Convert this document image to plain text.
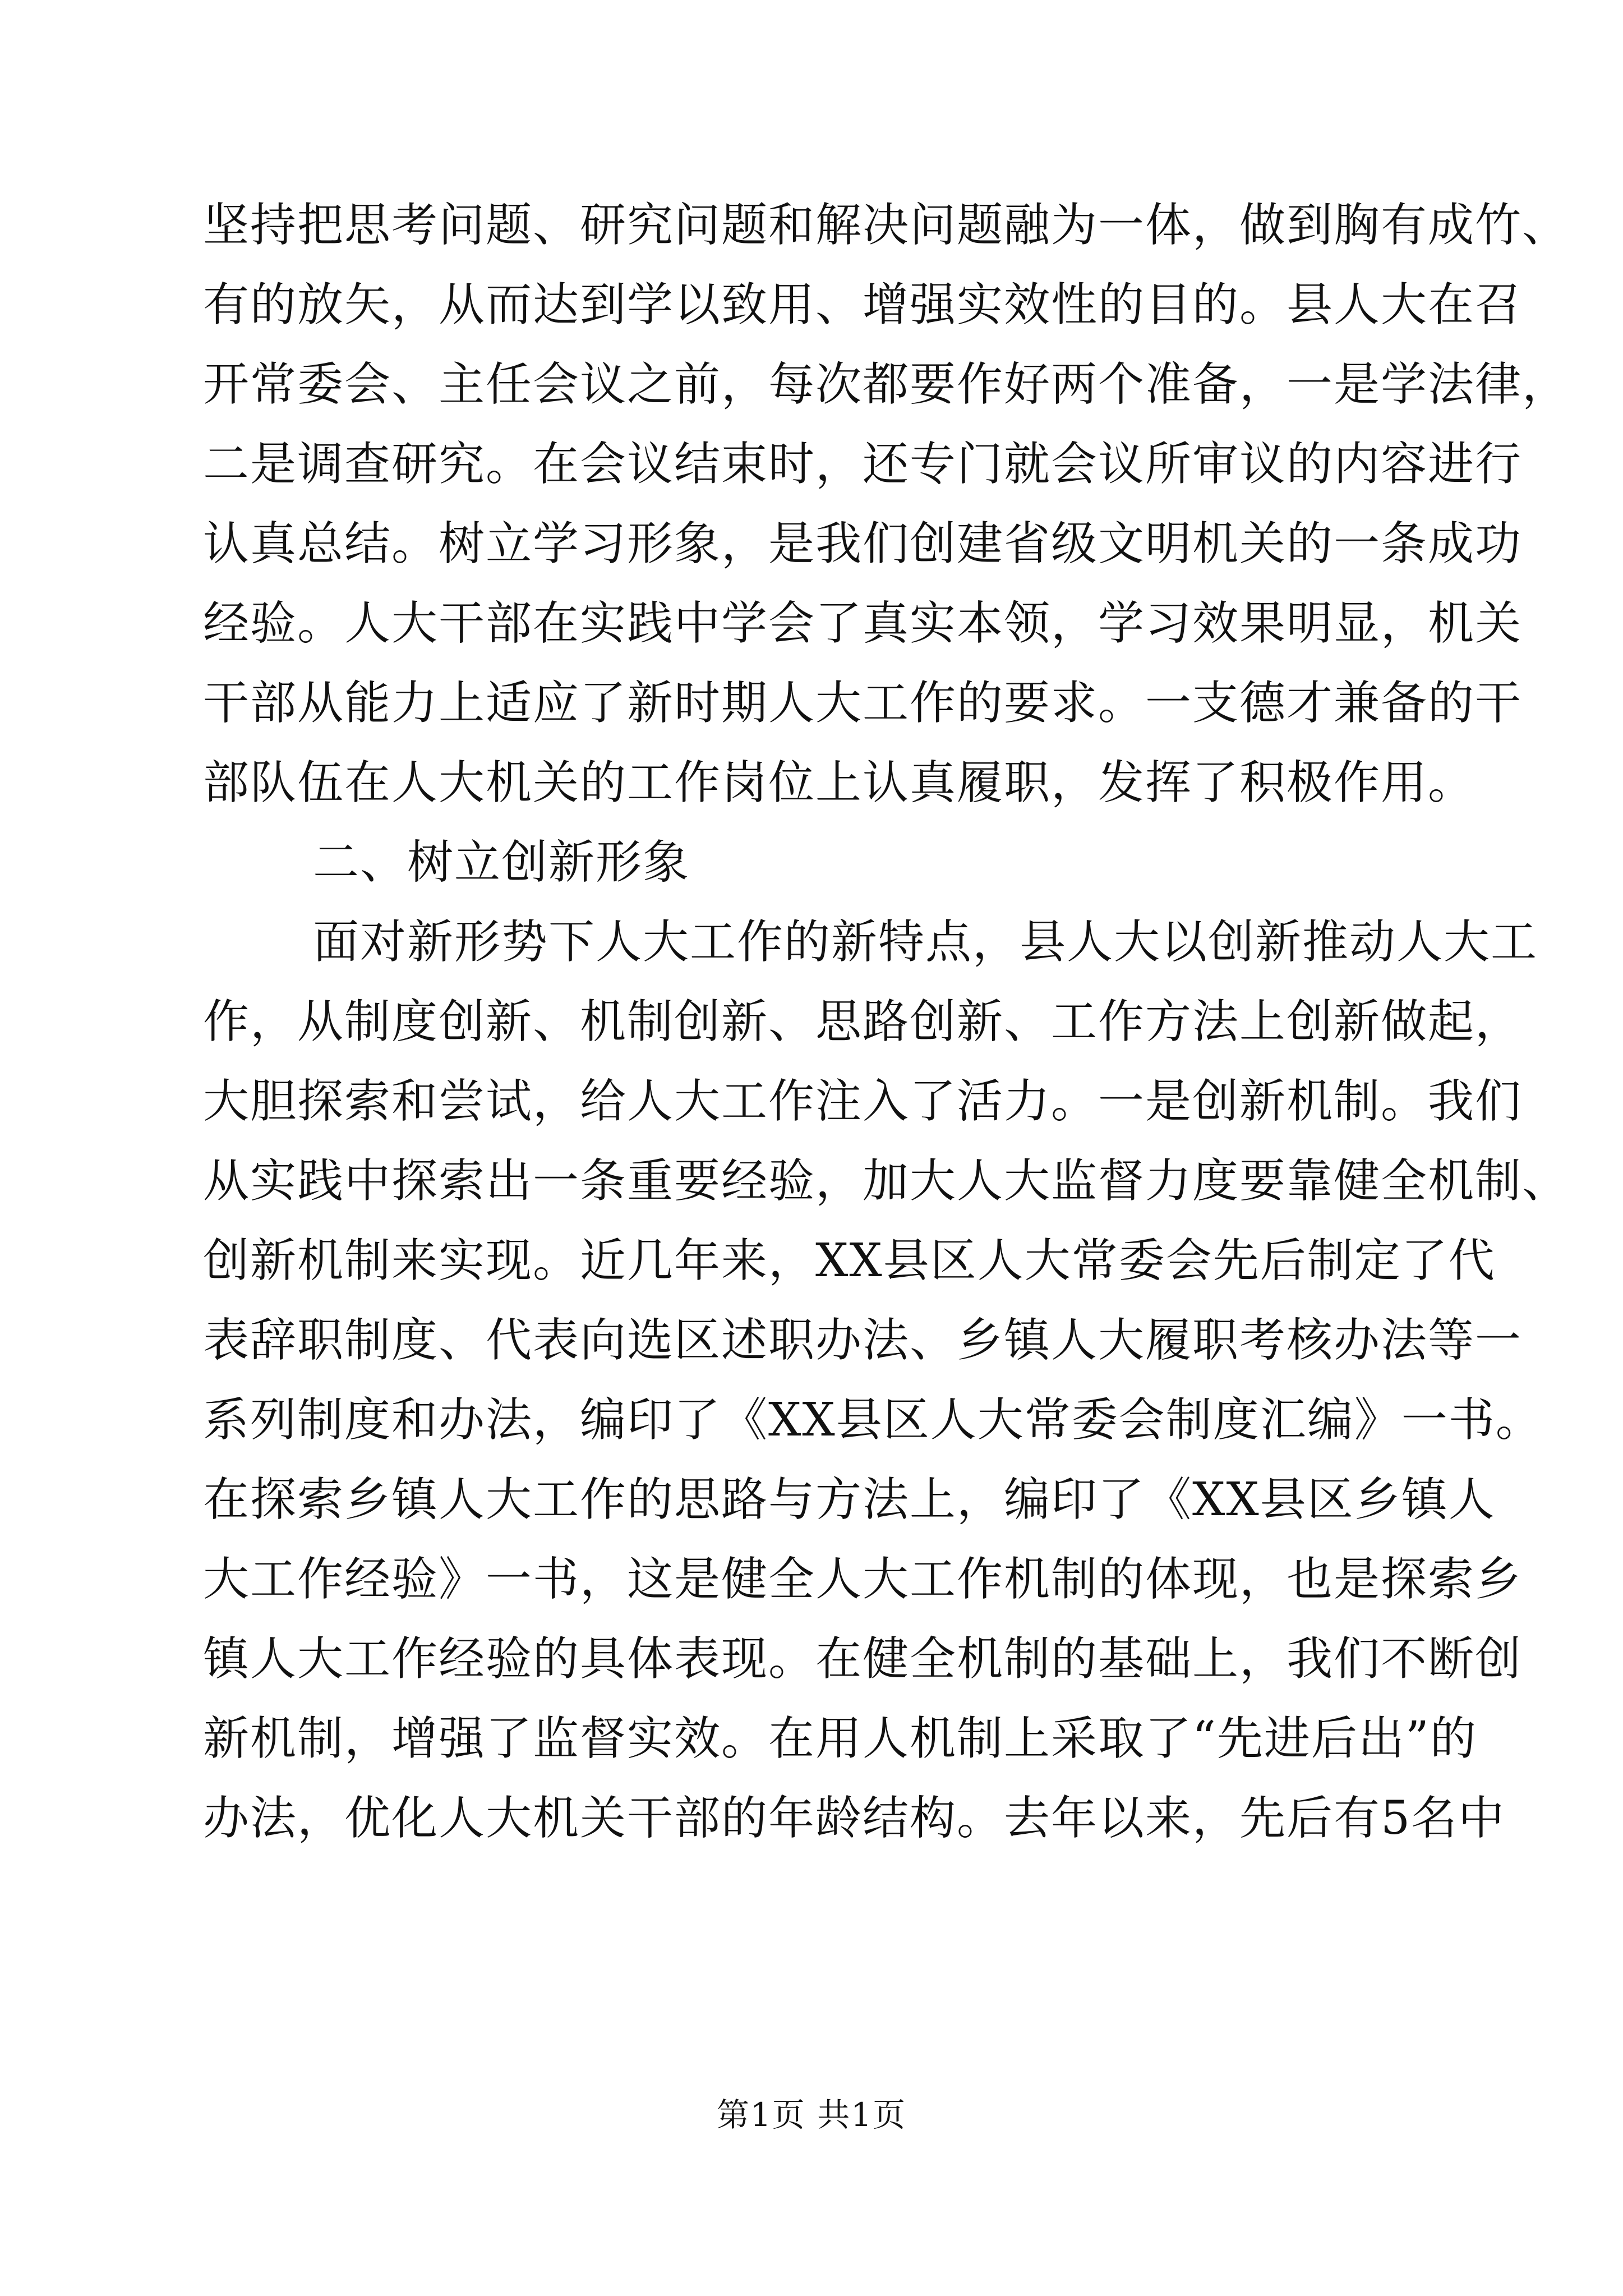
坚持把思考问题、研究问题和解决问题融为一体，做到胸有成竹、
有的放矢，从而达到学以致用、增强实效性的目的。县人大在召
开常委会、主任会议之前，每次都要作好两个准备，一是学法律，
二是调查研究。在会议结束时，还专门就会议所审议的内容进行
认真总结。树立学习形象，是我们创建省级文明机关的一条成功
经验。人大干部在实践中学会了真实本领，学习效果明显，机关
干部从能力上适应了新时期人大工作的要求。一支德才兼备的干
部队伍在人大机关的工作岗位上认真履职，发挥了积极作用。
二、树立创新形象
面对新形势下人大工作的新特点，县人大以创新推动人大工
作，从制度创新、机制创新、思路创新、工作方法上创新做起，
大胆探索和尝试，给人大工作注入了活力。一是创新机制。我们
从实践中探索出一条重要经验，加大人大监督力度要靠健全机制、
创新机制来实现。近几年来，XX县区人大常委会先后制定了代
表辞职制度、代表向选区述职办法、乡镇人大履职考核办法等一
系列制度和办法，编印了《XX县区人大常委会制度汇编》一书。
在探索乡镇人大工作的思路与方法上，编印了《XX县区乡镇人
大工作经验》一书，这是健全人大工作机制的体现，也是探索乡
镇人大工作经验的具体表现。在健全机制的基础上，我们不断创
新机制，增强了监督实效。在用人机制上采取了“先进后出”的
办法，优化人大机关干部的年龄结构。去年以来，先后有5名中
第1页 共1页
